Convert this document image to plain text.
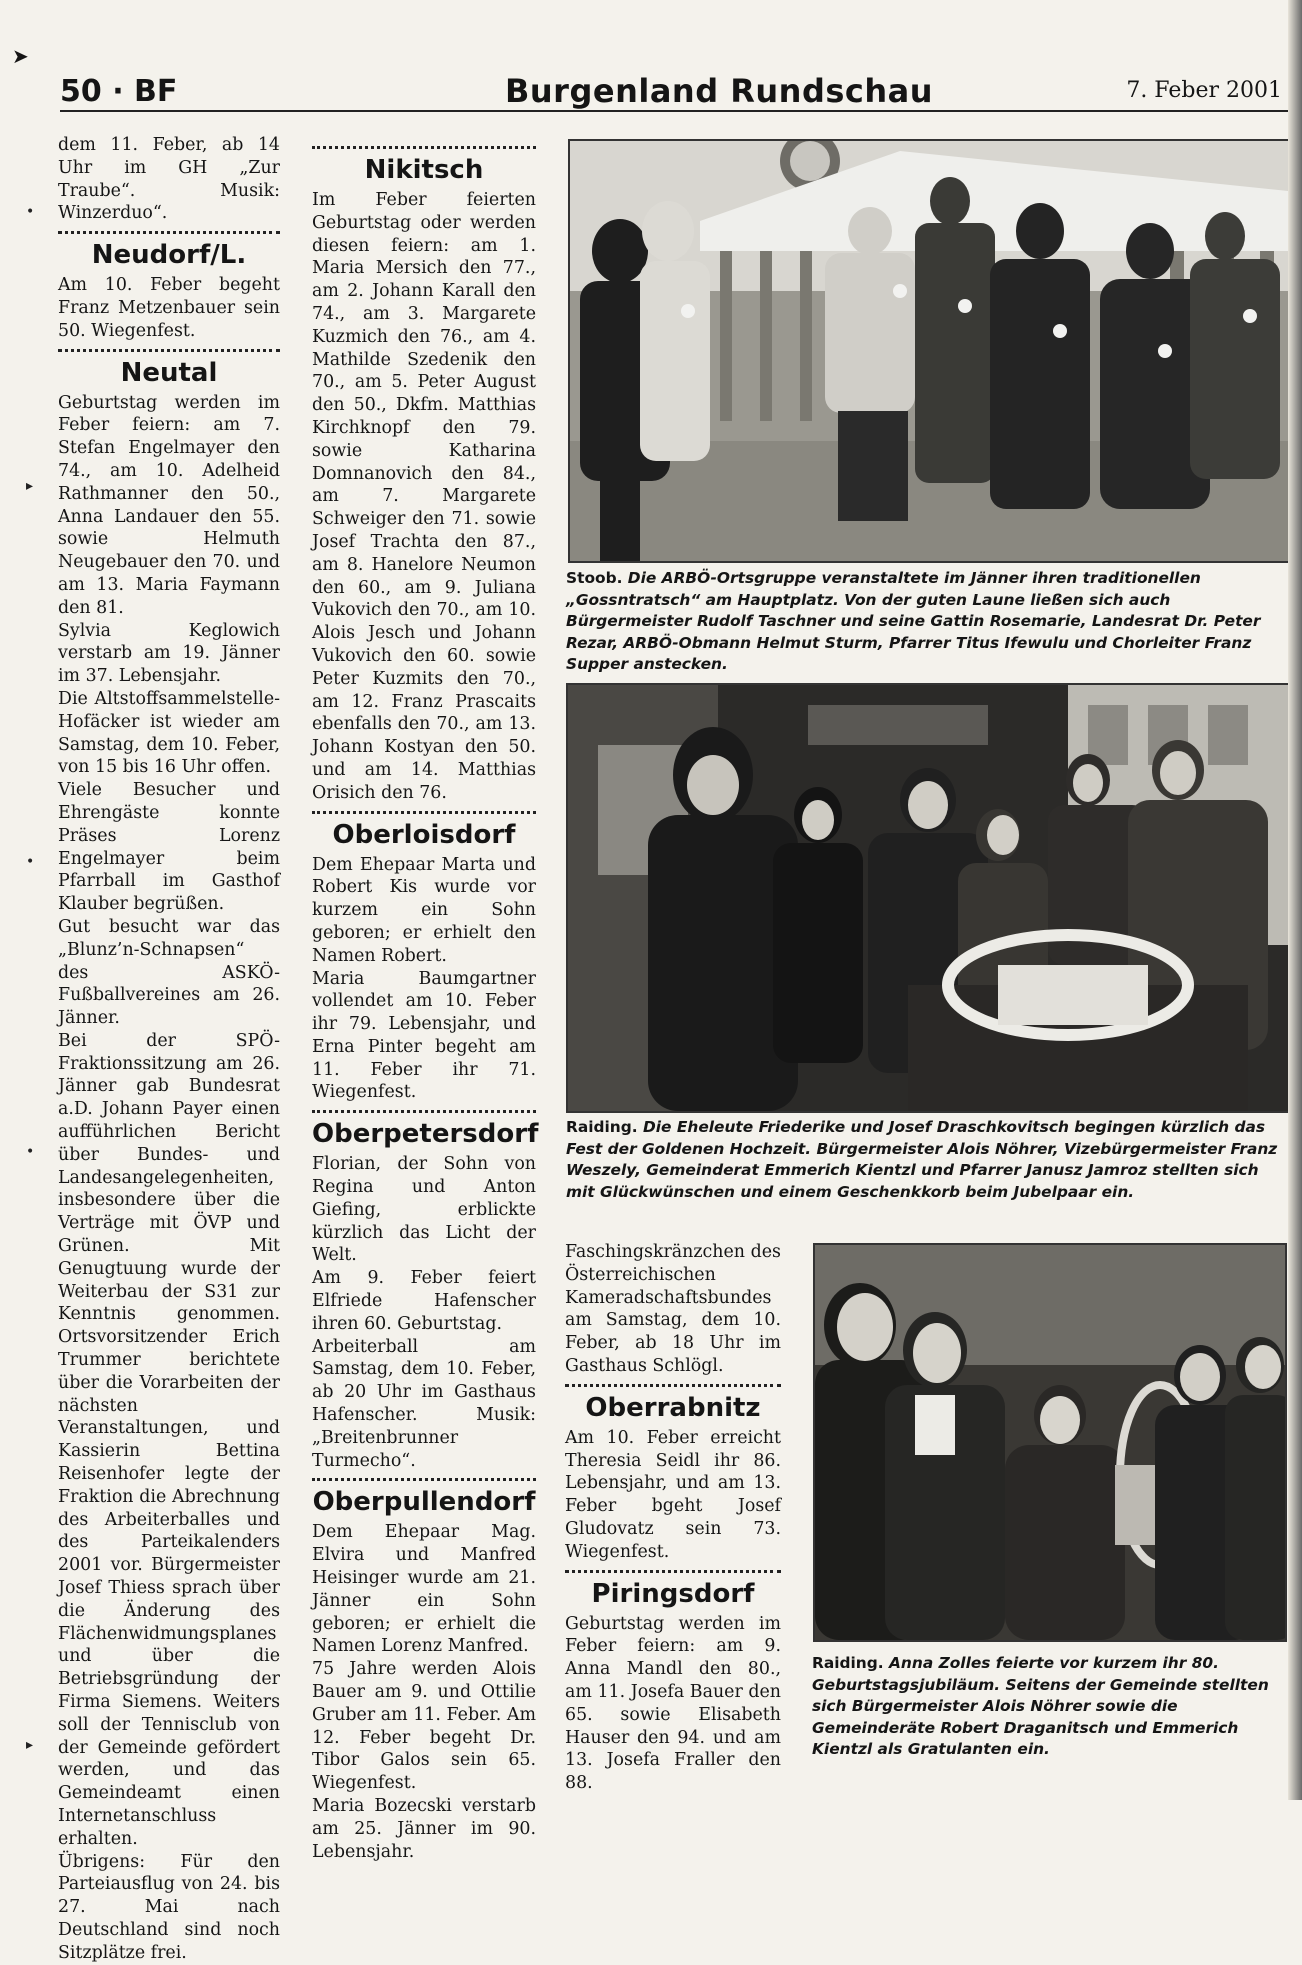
➤
50 · BF	Burgenland Rundschau	7. Feber 2001
•
▸
•
•
▸

dem 11. Feber, ab 14 Uhr im GH „Zur Traube“. Musik: Winzerduo“.

Neudorf/L.

Am 10. Feber begeht Franz Metzenbauer sein 50. Wiegenfest.

Neutal

Geburtstag werden im Feber feiern: am 7. Stefan Engelmayer den 74., am 10. Adelheid Rathmanner den 50., Anna Landauer den 55. sowie Helmuth Neugebauer den 70. und am 13. Maria Faymann den 81.

Sylvia Keglowich verstarb am 19. Jänner im 37. Lebensjahr.

Die Altstoffsammelstelle-Hofäcker ist wieder am Samstag, dem 10. Feber, von 15 bis 16 Uhr offen.

Viele Besucher und Ehrengäste konnte Präses Lorenz Engelmayer beim Pfarrball im Gasthof Klauber begrüßen.

Gut besucht war das „Blunz’n-Schnapsen“ des ASKÖ-Fußballvereines am 26. Jänner.

Bei der SPÖ-Fraktionssitzung am 26. Jänner gab Bundesrat a.D. Johann Payer einen aufführlichen Bericht über Bundes- und Landesangelegenheiten, insbesondere über die Verträge mit ÖVP und Grünen. Mit Genugtuung wurde der Weiterbau der S31 zur Kenntnis genommen. Ortsvorsitzender Erich Trummer berichtete über die Vorarbeiten der nächsten Veranstaltungen, und Kassierin Bettina Reisenhofer legte der Fraktion die Abrechnung des Arbeiterballes und des Parteikalenders 2001 vor. Bürgermeister Josef Thiess sprach über die Änderung des Flächenwidmungsplanes und über die Betriebsgründung der Firma Siemens. Weiters soll der Tennisclub von der Gemeinde gefördert werden, und das Gemeindeamt einen Internetanschluss erhalten.

Übrigens: Für den Parteiausflug von 24. bis 27. Mai nach Deutschland sind noch Sitzplätze frei.

Nikitsch

Im Feber feierten Geburtstag oder werden diesen feiern: am 1. Maria Mersich den 77., am 2. Johann Karall den 74., am 3. Margarete Kuzmich den 76., am 4. Mathilde Szedenik den 70., am 5. Peter August den 50., Dkfm. Matthias Kirchknopf den 79. sowie Katharina Domnanovich den 84., am 7. Margarete Schweiger den 71. sowie Josef Trachta den 87., am 8. Hanelore Neumon den 60., am 9. Juliana Vukovich den 70., am 10. Alois Jesch und Johann Vukovich den 60. sowie Peter Kuzmits den 70., am 12. Franz Prascaits ebenfalls den 70., am 13. Johann Kostyan den 50. und am 14. Matthias Orisich den 76.

Oberloisdorf

Dem Ehepaar Marta und Robert Kis wurde vor kurzem ein Sohn geboren; er erhielt den Namen Robert.

Maria Baumgartner vollendet am 10. Feber ihr 79. Lebensjahr, und Erna Pinter begeht am 11. Feber ihr 71. Wiegenfest.

Oberpetersdorf

Florian, der Sohn von Regina und Anton Giefing, erblickte kürzlich das Licht der Welt.

Am 9. Feber feiert Elfriede Hafenscher ihren 60. Geburtstag.

Arbeiterball am Samstag, dem 10. Feber, ab 20 Uhr im Gasthaus Hafenscher. Musik: „Breitenbrunner Turmecho“.

Oberpullendorf

Dem Ehepaar Mag. Elvira und Manfred Heisinger wurde am 21. Jänner ein Sohn geboren; er erhielt die Namen Lorenz Manfred.

75 Jahre werden Alois Bauer am 9. und Ottilie Gruber am 11. Feber. Am 12. Feber begeht Dr. Tibor Galos sein 65. Wiegenfest.

Maria Bozecski verstarb am 25. Jänner im 90. Lebensjahr.

Stoob. Die ARBÖ-Ortsgruppe veranstaltete im Jänner ihren traditionellen „Gossntratsch“ am Hauptplatz. Von der guten Laune ließen sich auch Bürgermeister Rudolf Taschner und seine Gattin Rosemarie, Landesrat Dr. Peter Rezar, ARBÖ-Obmann Helmut Sturm, Pfarrer Titus Ifewulu und Chorleiter Franz Supper anstecken.
Raiding. Die Eheleute Friederike und Josef Draschkovitsch begingen kürzlich das Fest der Goldenen Hochzeit. Bürgermeister Alois Nöhrer, Vizebürgermeister Franz Weszely, Gemeinderat Emmerich Kientzl und Pfarrer Janusz Jamroz stellten sich mit Glückwünschen und einem Geschenkkorb beim Jubelpaar ein.

Faschingskränzchen des Österreichischen Kameradschaftsbundes am Samstag, dem 10. Feber, ab 18 Uhr im Gasthaus Schlögl.

Oberrabnitz

Am 10. Feber erreicht Theresia Seidl ihr 86. Lebensjahr, und am 13. Feber bgeht Josef Gludovatz sein 73. Wiegenfest.

Piringsdorf

Geburtstag werden im Feber feiern: am 9. Anna Mandl den 80., am 11. Josefa Bauer den 65. sowie Elisabeth Hauser den 94. und am 13. Josefa Fraller den 88.

Raiding. Anna Zolles feierte vor kurzem ihr 80. Geburtstagsjubiläum. Seitens der Gemeinde stellten sich Bürgermeister Alois Nöhrer sowie die Gemeinderäte Robert Draganitsch und Emmerich Kientzl als Gratulanten ein.
